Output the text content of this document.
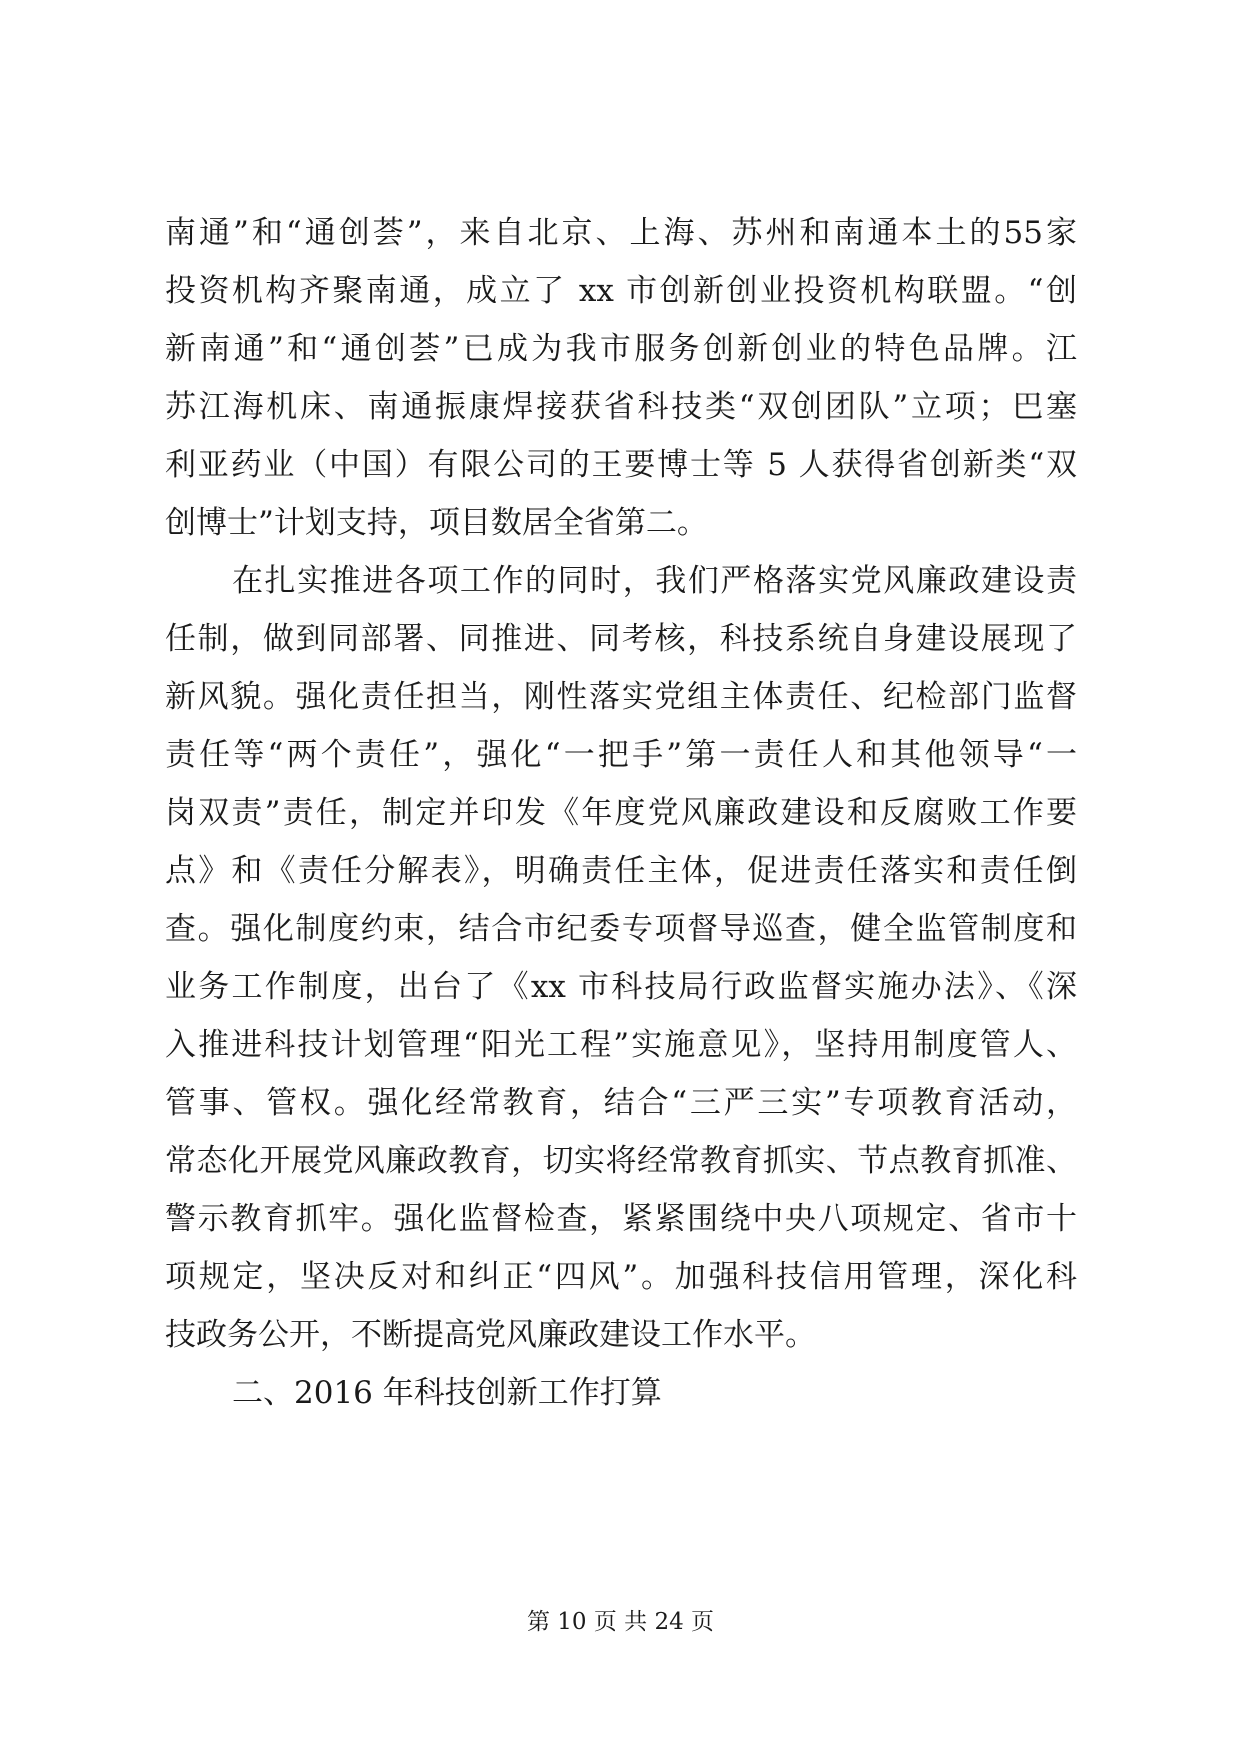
南通”和“通创荟”，来自北京、上海、苏州和南通本土的55家
投资机构齐聚南通，成立了 xx 市创新创业投资机构联盟。“创
新南通”和“通创荟”已成为我市服务创新创业的特色品牌。江
苏江海机床、南通振康焊接获省科技类“双创团队”立项；巴塞
利亚药业（中国）有限公司的王要博士等 5 人获得省创新类“双
创博士”计划支持，项目数居全省第二。
在扎实推进各项工作的同时，我们严格落实党风廉政建设责
任制，做到同部署、同推进、同考核，科技系统自身建设展现了
新风貌。强化责任担当，刚性落实党组主体责任、纪检部门监督
责任等“两个责任”，强化“一把手”第一责任人和其他领导“一
岗双责”责任，制定并印发《年度党风廉政建设和反腐败工作要
点》和《责任分解表》，明确责任主体，促进责任落实和责任倒
查。强化制度约束，结合市纪委专项督导巡查，健全监管制度和
业务工作制度，出台了《xx 市科技局行政监督实施办法》、《深
入推进科技计划管理“阳光工程”实施意见》，坚持用制度管人、
管事、管权。强化经常教育，结合“三严三实”专项教育活动，
常态化开展党风廉政教育，切实将经常教育抓实、节点教育抓准、
警示教育抓牢。强化监督检查，紧紧围绕中央八项规定、省市十
项规定，坚决反对和纠正“四风”。加强科技信用管理，深化科
技政务公开，不断提高党风廉政建设工作水平。
二、2016 年科技创新工作打算
第 10 页 共 24 页
